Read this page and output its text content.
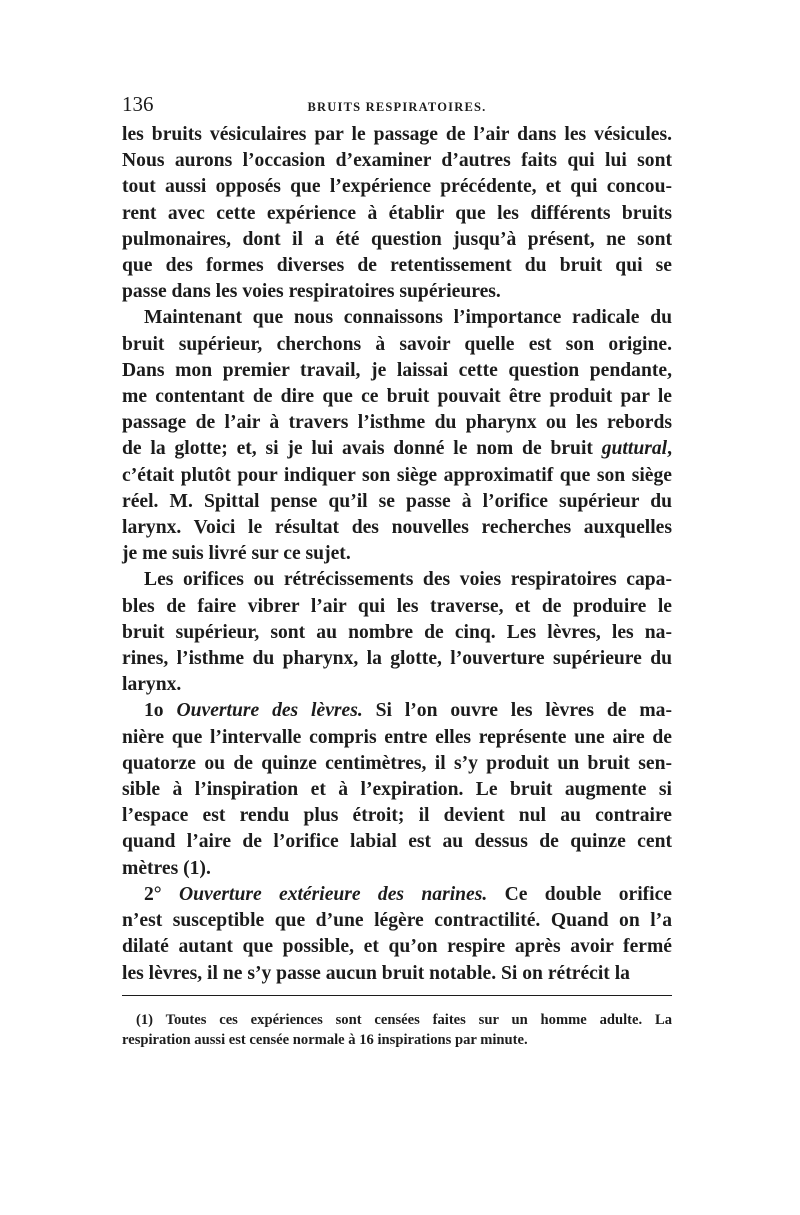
136	BRUITS RESPIRATOIRES.
les bruits vésiculaires par le passage de l’air dans les vésicules.
Nous aurons l’occasion d’examiner d’autres faits qui lui sont
tout aussi opposés que l’expérience précédente, et qui concou-
rent avec cette expérience à établir que les différents bruits
pulmonaires, dont il a été question jusqu’à présent, ne sont
que des formes diverses de retentissement du bruit qui se
passe dans les voies respiratoires supérieures.
Maintenant que nous connaissons l’importance radicale du
bruit supérieur, cherchons à savoir quelle est son origine.
Dans mon premier travail, je laissai cette question pendante,
me contentant de dire que ce bruit pouvait être produit par le
passage de l’air à travers l’isthme du pharynx ou les rebords
de la glotte; et, si je lui avais donné le nom de bruit guttural,
c’était plutôt pour indiquer son siège approximatif que son siège
réel. M. Spittal pense qu’il se passe à l’orifice supérieur du
larynx. Voici le résultat des nouvelles recherches auxquelles
je me suis livré sur ce sujet.
Les orifices ou rétrécissements des voies respiratoires capa-
bles de faire vibrer l’air qui les traverse, et de produire le
bruit supérieur, sont au nombre de cinq. Les lèvres, les na-
rines, l’isthme du pharynx, la glotte, l’ouverture supérieure du
larynx.
1o Ouverture des lèvres. Si l’on ouvre les lèvres de ma-
nière que l’intervalle compris entre elles représente une aire de
quatorze ou de quinze centimètres, il s’y produit un bruit sen-
sible à l’inspiration et à l’expiration. Le bruit augmente si
l’espace est rendu plus étroit; il devient nul au contraire
quand l’aire de l’orifice labial est au dessus de quinze cent
mètres (1).
2° Ouverture extérieure des narines. Ce double orifice
n’est susceptible que d’une légère contractilité. Quand on l’a
dilaté autant que possible, et qu’on respire après avoir fermé
les lèvres, il ne s’y passe aucun bruit notable. Si on rétrécit la
(1) Toutes ces expériences sont censées faites sur un homme adulte. La
respiration aussi est censée normale à 16 inspirations par minute.
